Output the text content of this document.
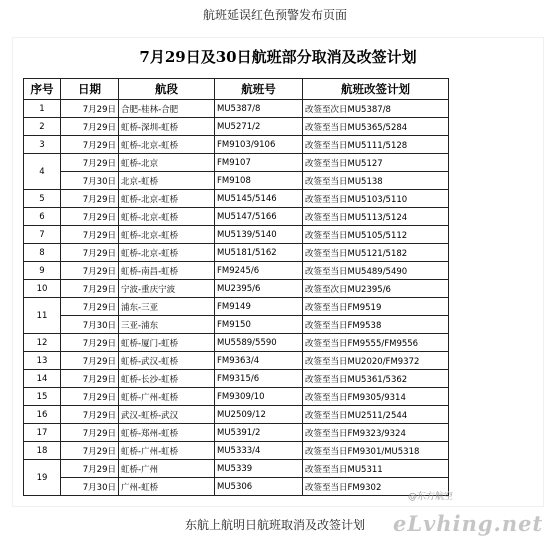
航班延误红色预警发布页面
7月29日及30日航班部分取消及改签计划
序号	日期	航段	航班号	航班改签计划
1	7月29日	合肥-桂林-合肥	MU5387/8	改签至次日MU5387/8
2	7月29日	虹桥-深圳-虹桥	MU5271/2	改签至当日MU5365/5284
3	7月29日	虹桥-北京-虹桥	FM9103/9106	改签至当日MU5111/5128
4	7月29日	虹桥-北京	FM9107	改签至当日MU5127
	7月30日	北京-虹桥	FM9108	改签至当日MU5138
5	7月29日	虹桥-北京-虹桥	MU5145/5146	改签至当日MU5103/5110
6	7月29日	虹桥-北京-虹桥	MU5147/5166	改签至当日MU5113/5124
7	7月29日	虹桥-北京-虹桥	MU5139/5140	改签至当日MU5105/5112
8	7月29日	虹桥-北京-虹桥	MU5181/5162	改签至当日MU5121/5182
9	7月29日	虹桥-南昌-虹桥	FM9245/6	改签至当日MU5489/5490
10	7月29日	宁波-重庆宁波	MU2395/6	改签至次日MU2395/6
11	7月29日	浦东-三亚	FM9149	改签至当日FM9519
	7月30日	三亚-浦东	FM9150	改签至当日FM9538
12	7月29日	虹桥-厦门-虹桥	MU5589/5590	改签至当日FM9555/FM9556
13	7月29日	虹桥-武汉-虹桥	FM9363/4	改签至当日MU2020/FM9372
14	7月29日	虹桥-长沙-虹桥	FM9315/6	改签至当日MU5361/5362
15	7月29日	虹桥-广州-虹桥	FM9309/10	改签至当日FM9305/9314
16	7月29日	武汉-虹桥-武汉	MU2509/12	改签至当日MU2511/2544
17	7月29日	虹桥-郑州-虹桥	MU5391/2	改签至当日FM9323/9324
18	7月29日	虹桥-广州-虹桥	MU5333/4	改签至当日FM9301/MU5318
19	7月29日	虹桥-广州	MU5339	改签至当日MU5311
	7月30日	广州-虹桥	MU5306	改签至当日FM9302
@东方航空
eLvhing.net
东航上航明日航班取消及改签计划
